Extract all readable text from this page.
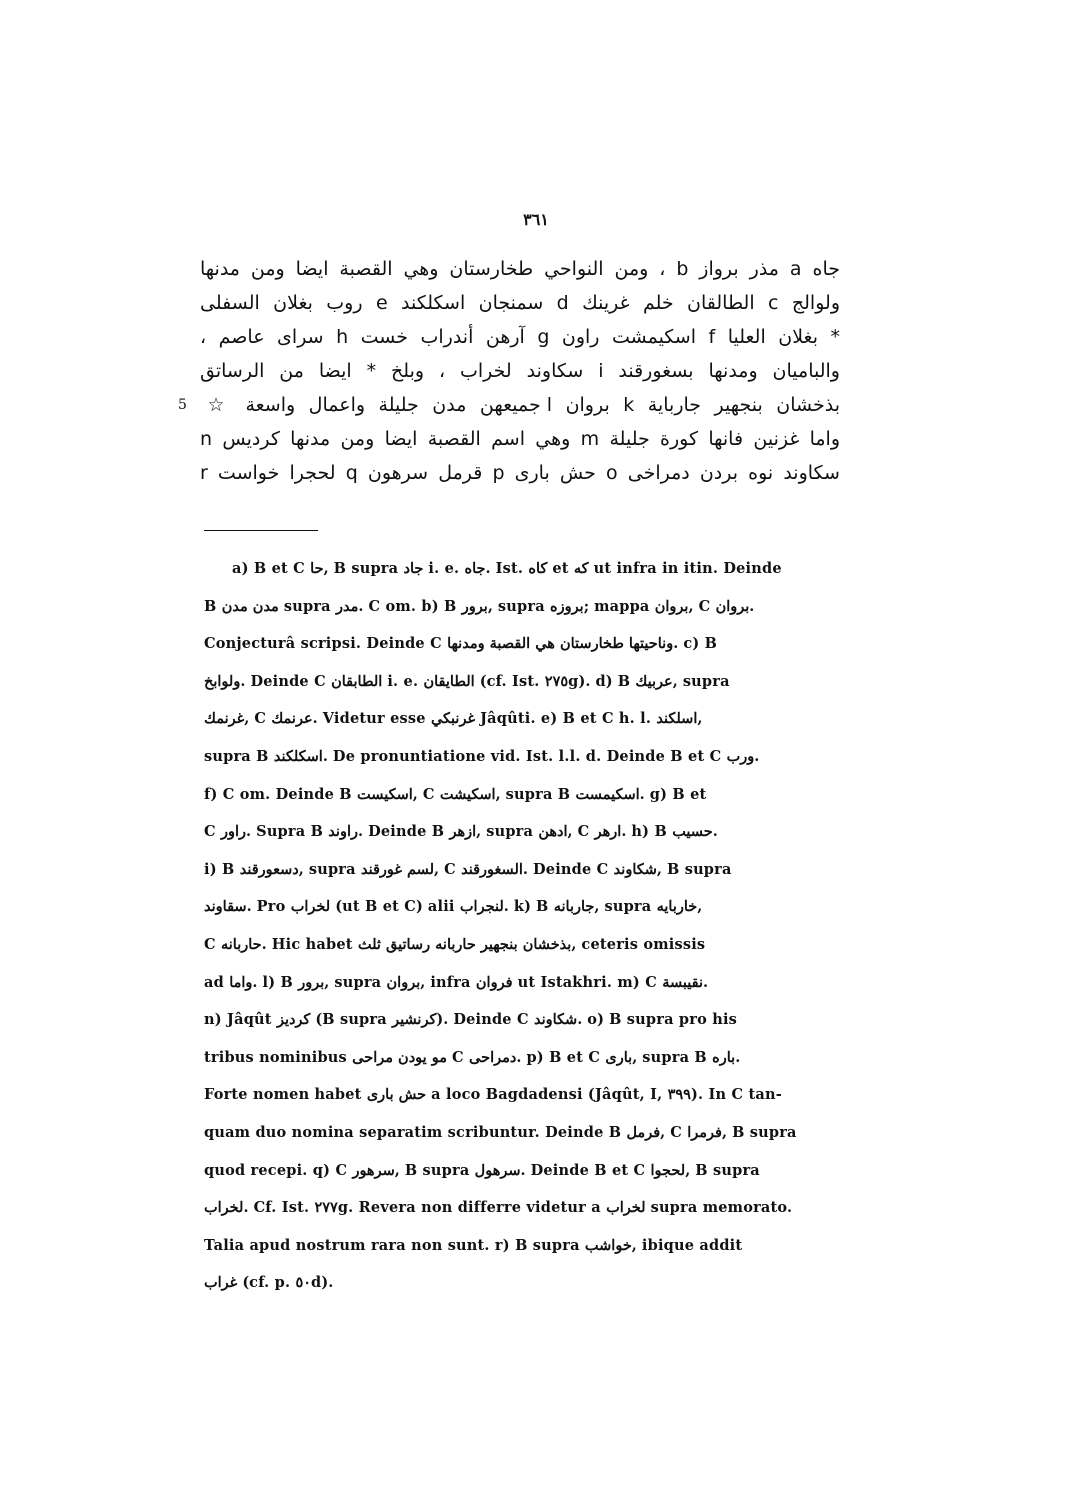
٣٦١
جاه a مذر برواز b ، ومن النواحي طخارستان وهي القصبة ايضا ومن مدنها
ولوالج c الطالقان خلم غرينك d سمنجان اسكلكند e روب بغلان السفلى
* بغلان العليا f اسكيمشت راون g آرهن أندراب خست h سراى عاصم ،
والباميان ومدنها بسغورقند i سكاوند لخراب ، وبلخ * ايضا من الرساتق
5 بذخشان بنجهير جارباية k بروان l جميعهن مدن جليلة واعمال واسعة ☆
واما غزنين فانها كورة جليلة m وهي اسم القصبة ايضا ومن مدنها كرديس n
سكاوند نوه بردن دمراخى o حش بارى p قرمل سرهون q لحجرا خواست r
a) B et C حا, B supra جاد i. e. جاه. Ist. كاه et كه ut infra in itin. Deinde
B مدن مدن supra مدر. C om. b) B برور, supra بروزه; mappa بروان, C بروان.
Conjecturâ scripsi. Deinde C وناحيتها طخارستان هي القصبة ومدنها. c) B
ولوابخ. Deinde C الطابقان i. e. الطايقان (cf. Ist. ٢٧٥g). d) B عربيك, supra
غرنمك, C عرنمك. Videtur esse غرنبكي Jâqûti. e) B et C h. l. اسلكند,
supra B اسكلكند. De pronuntiatione vid. Ist. l.l. d. Deinde B et C ورب.
f) C om. Deinde B اسكيست, C اسكيشت, supra B اسكيمست. g) B et
C راور. Supra B راوند. Deinde B ازهر, supra ادهن, C ارهر. h) B حسيب.
i) B دسعورقند, supra لسم غورقند, C السغورقند. Deinde C شكاوند, B supra
سقاوند. Pro لخراب (ut B et C) alii لنجراب. k) B جاربانه, supra خاربايه,
C حاربانه. Hic habet بذخشان بنجهير حاربانه رساتيق ثلث, ceteris omissis
ad واما. l) B برور, supra بروان, infra فروان ut Istakhri. m) C نقيبسة.
n) Jâqût كرديز (B supra كرنشير). Deinde C شكاوند. o) B supra pro his
tribus nominibus مو يودن مراحى C دمراحى. p) B et C بارى, supra B باره.
Forte nomen habet حش بارى a loco Bagdadensi (Jâqût, I, ٣٩٩). In C tan-
quam duo nomina separatim scribuntur. Deinde B فرمل, C فرمرا, B supra
quod recepi. q) C سرهور, B supra سرهول. Deinde B et C لحجوا, B supra
لخراب. Cf. Ist. ٢٧٧g. Revera non differre videtur a لخراب supra memorato.
Talia apud nostrum rara non sunt. r) B supra خواشب, ibique addit
غراب (cf. p. ٥٠d).
